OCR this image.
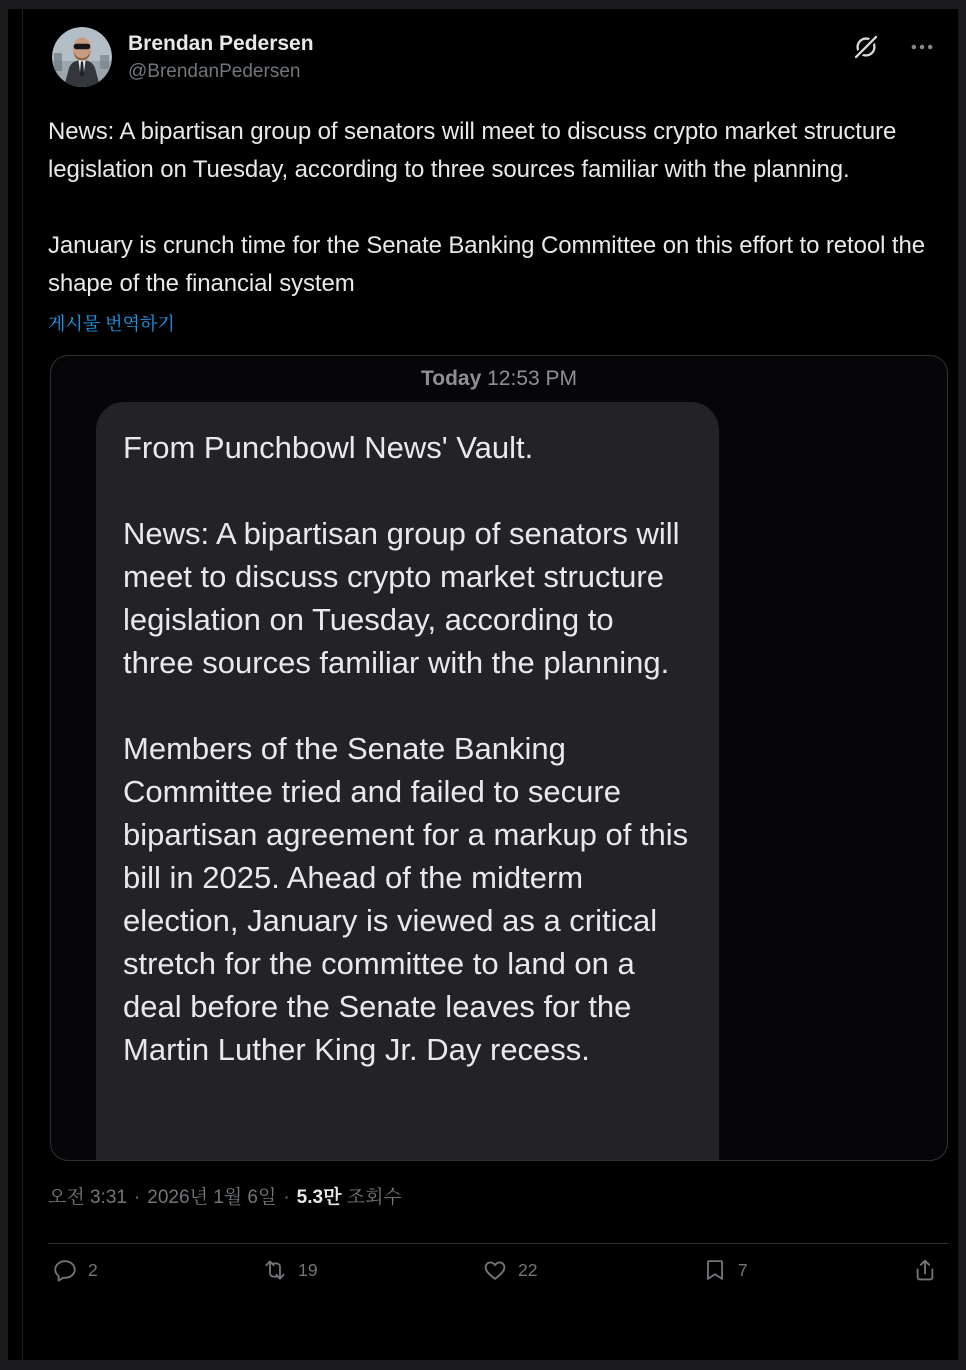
Brendan Pedersen
@BrendanPedersen

News: A bipartisan group of senators will meet to discuss crypto market structure legislation on Tuesday, according to three sources familiar with the planning.

January is crunch time for the Senate Banking Committee on this effort to retool the shape of the financial system

게시물 번역하기
Today 12:53 PM

From Punchbowl News' Vault.

News: A bipartisan group of senators will meet to discuss crypto market structure legislation on Tuesday, according to three sources familiar with the planning.

Members of the Senate Banking Committee tried and failed to secure bipartisan agreement for a markup of this bill in 2025. Ahead of the midterm election, January is viewed as a critical stretch for the committee to land on a deal before the Senate leaves for the Martin Luther King Jr. Day recess.

오전 3:31 · 2026년 1월 6일 · 5.3만 조회수
2	19	22	7
